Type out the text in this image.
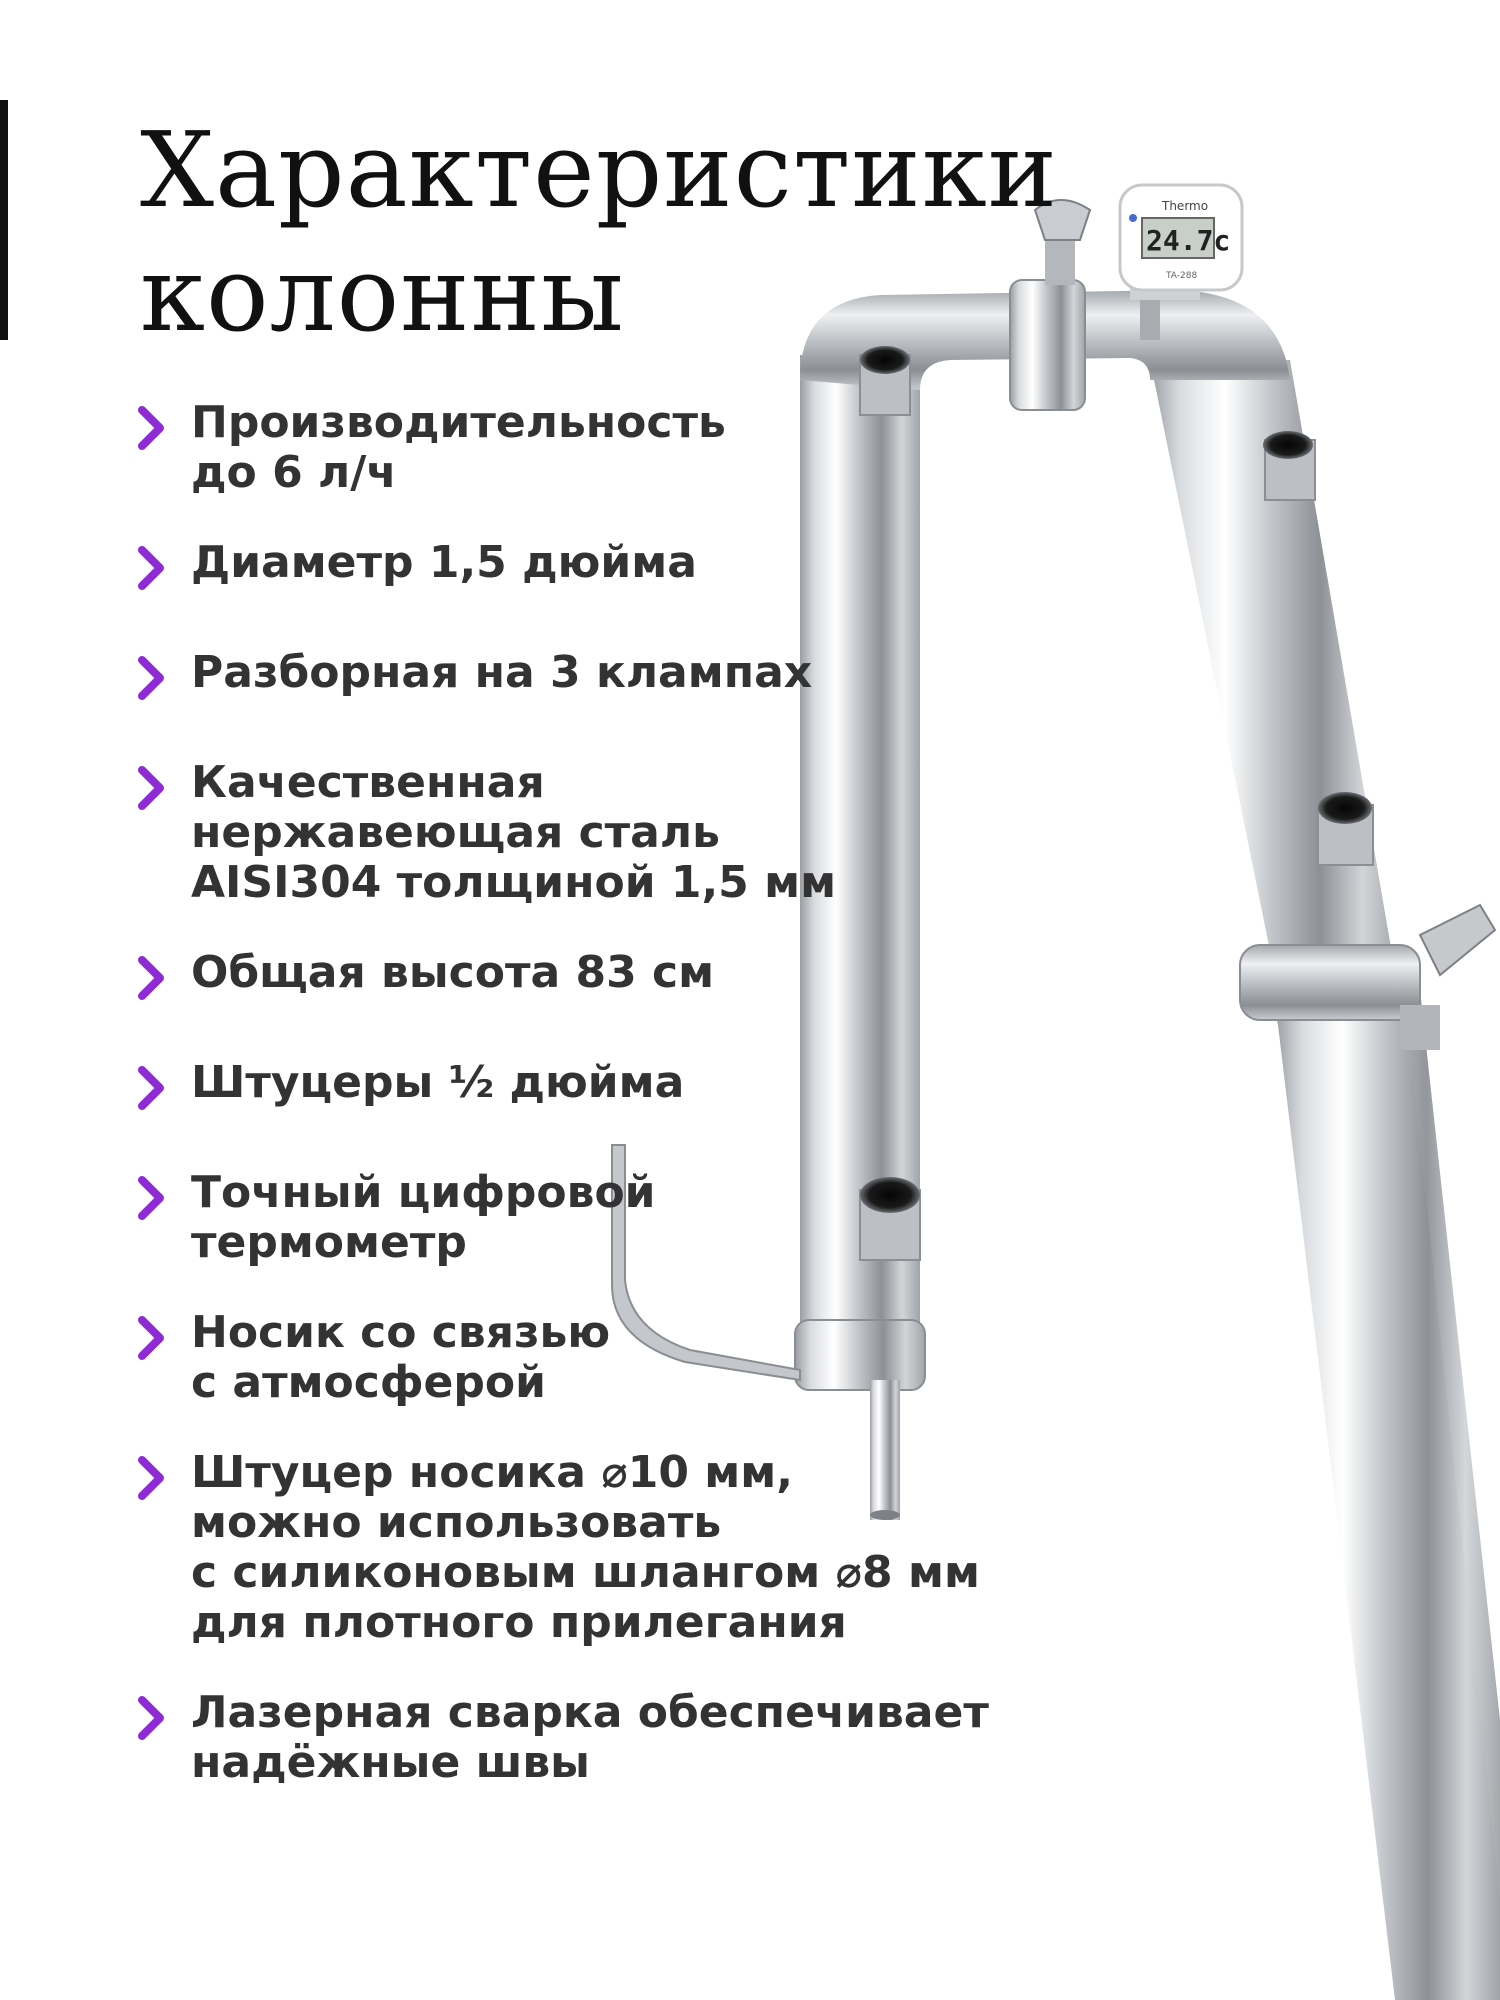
Характеристики
колонны
Thermo
24.7c
TA-288
Производительность
до 6 л/ч
Диаметр 1,5 дюйма
Разборная на 3 клампах
Качественная
нержавеющая сталь
AISI304 толщиной 1,5 мм
Общая высота 83 см
Штуцеры ½ дюйма
Точный цифровой
термометр
Носик со связью
с атмосферой
Штуцер носика ⌀10 мм,
можно использовать
с силиконовым шлангом ⌀8 мм
для плотного прилегания
Лазерная сварка обеспечивает
надёжные швы
